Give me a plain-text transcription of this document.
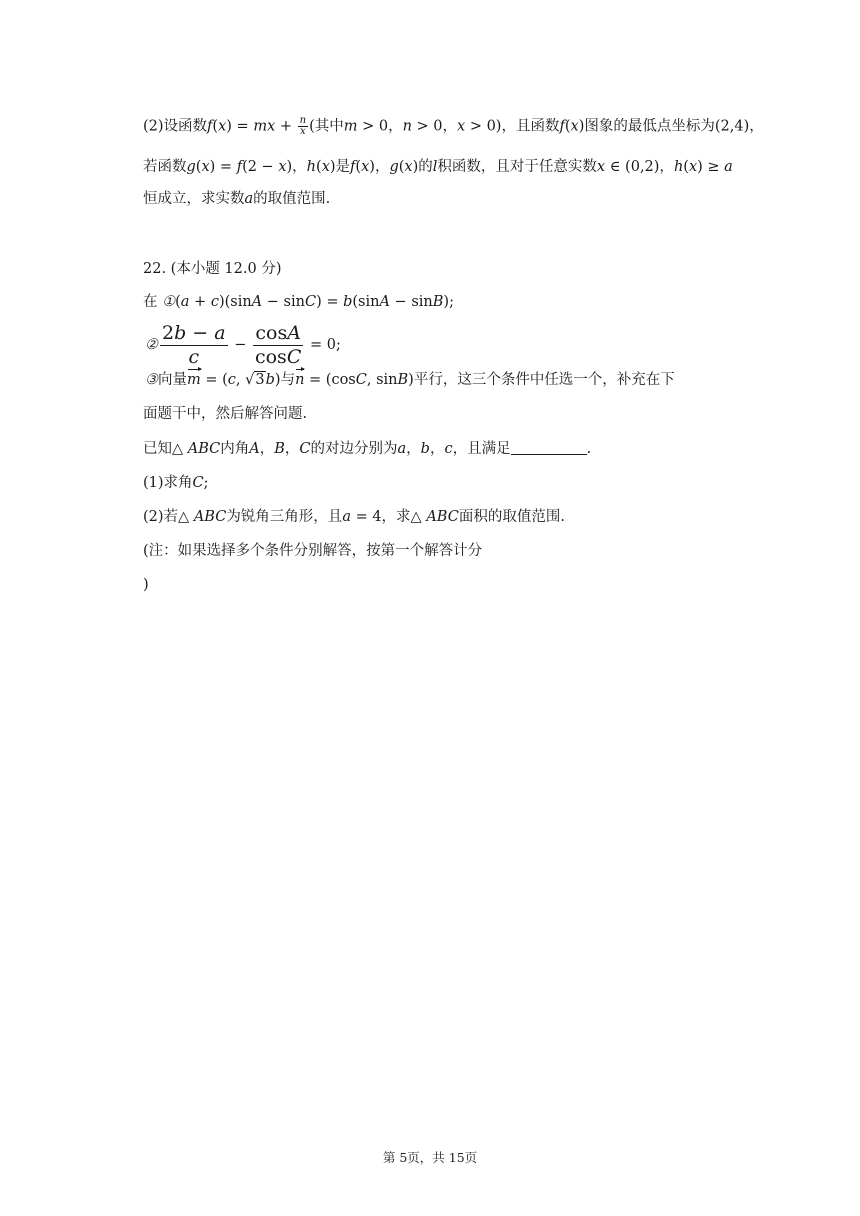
(2)设函数f(x) = mx + $\frac{n}{x}$ (其中m > 0，n > 0，x > 0)，且函数f(x)图象的最低点坐标为(2,4)，
若函数g(x) = f(2 − x)，h(x)是f(x)，g(x)的l积函数，且对于任意实数x ∈ (0,2)，h(x) ≥ a
恒成立，求实数a的取值范围.
22. (本小题 12.0 分)
在 ①(a + c)(sinA − sinC) = b(sinA − sinB);
② $\frac{2b - a}{c} - \frac{\cos A}{\cos C} = 0$;
③向量m = (c, √3b)与n = (cosC, sinB)平行，这三个条件中任选一个，补充在下
面题干中，然后解答问题.
已知△ ABC内角A，B，C的对边分别为a，b，c，且满足	.
(1)求角C;
(2)若△ ABC为锐角三角形，且a = 4，求△ ABC面积的取值范围.
(注：如果选择多个条件分别解答，按第一个解答计分
)
第 5页，共 15页
